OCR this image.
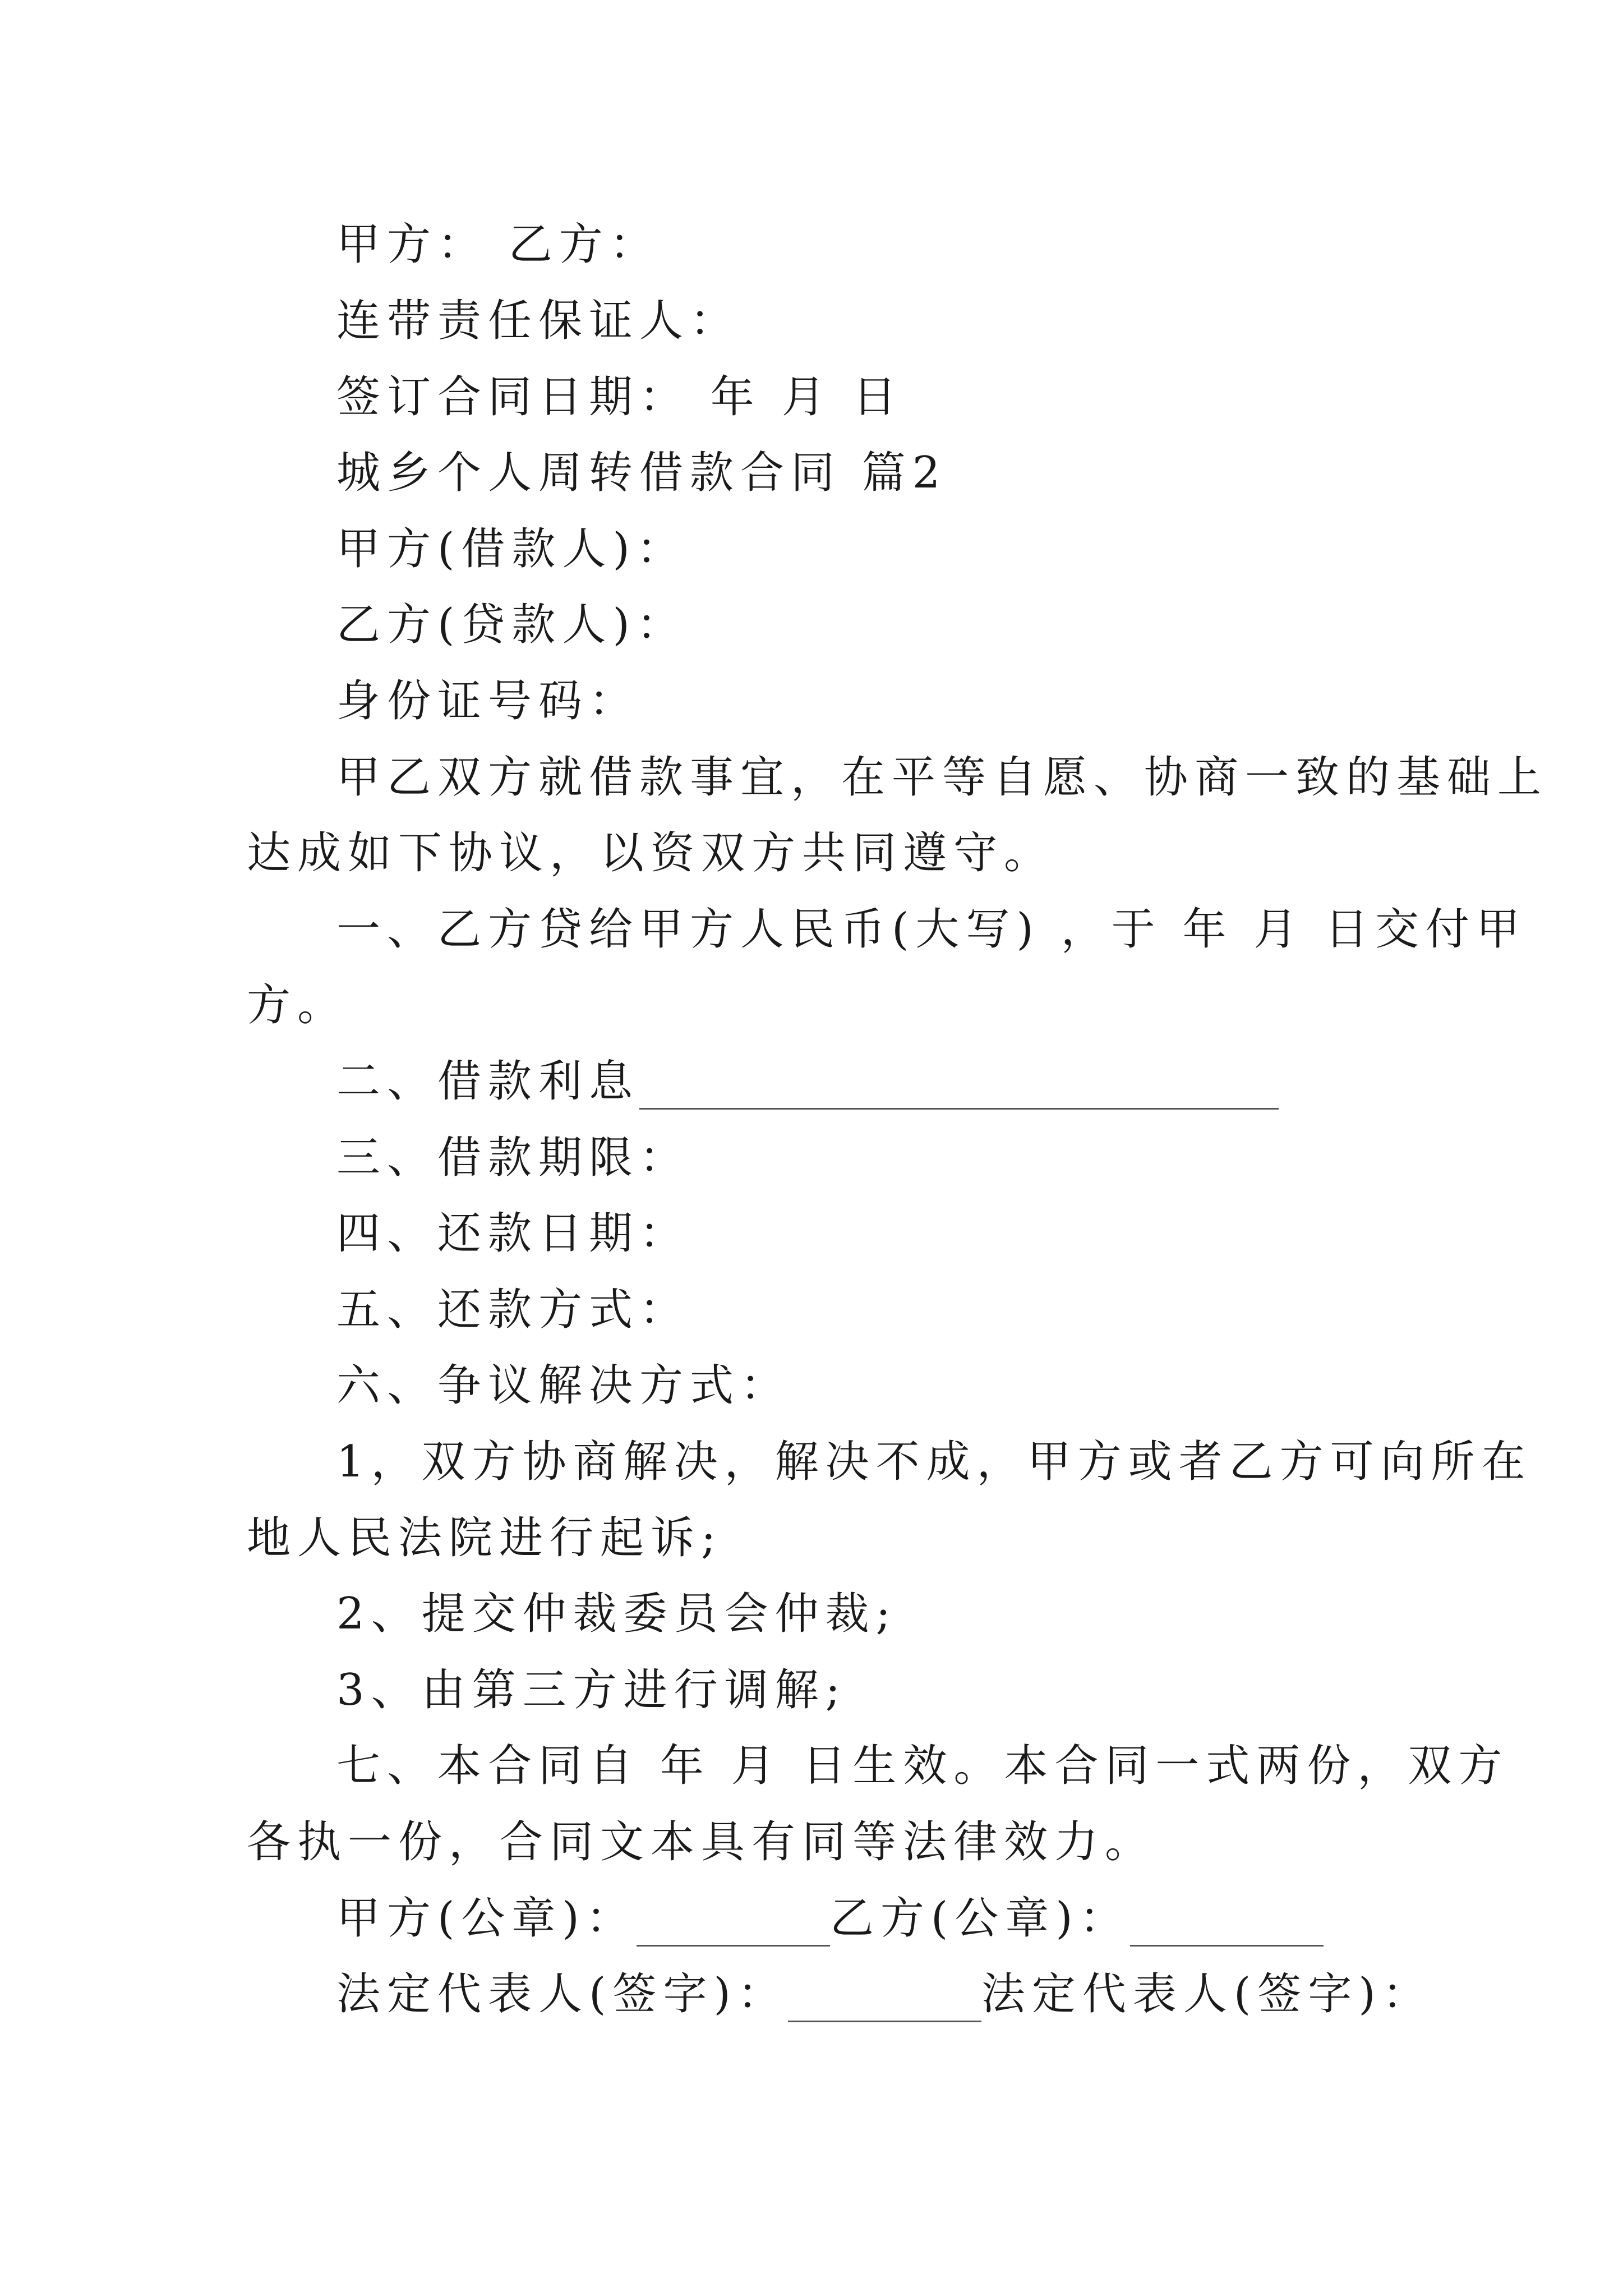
甲方： 乙方：
连带责任保证人：
签订合同日期： 年 月 日
城乡个人周转借款合同 篇2
甲方(借款人)：
乙方(贷款人)：
身份证号码：
甲乙双方就借款事宜，在平等自愿、协商一致的基础上
达成如下协议，以资双方共同遵守。
一、乙方贷给甲方人民币(大写) ，于 年 月 日交付甲
方。
二、借款利息
三、借款期限：
四、还款日期：
五、还款方式：
六、争议解决方式：
1，双方协商解决，解决不成，甲方或者乙方可向所在
地人民法院进行起诉;
2、提交仲裁委员会仲裁;
3、由第三方进行调解;
七、本合同自 年 月 日生效。本合同一式两份，双方
各执一份，合同文本具有同等法律效力。
甲方(公章)：	乙方(公章)：
法定代表人(签字)：	法定代表人(签字)：
